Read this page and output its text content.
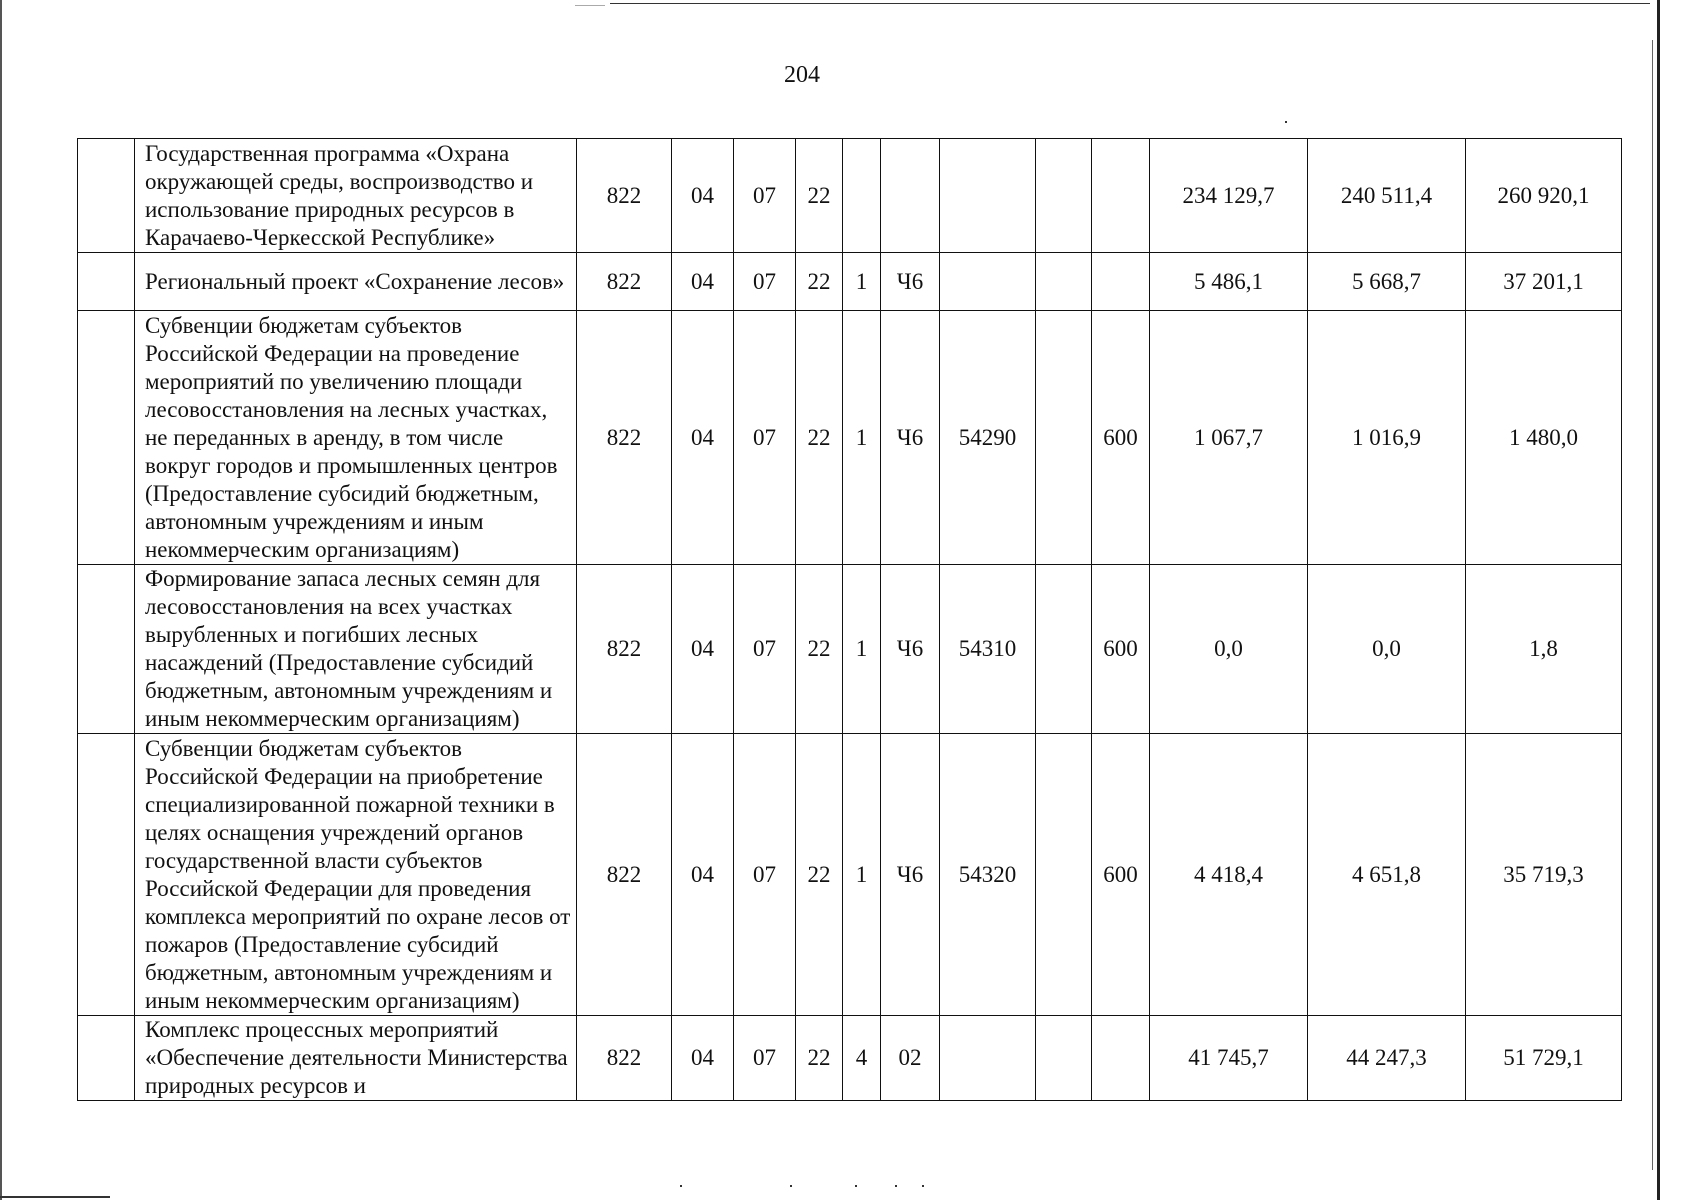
204
	Государственная программа «Охрана окружающей среды, воспроизводство и использование природных ресурсов в Карачаево-Черкесской Республике»	822	04	07	22						234 129,7	240 511,4	260 920,1
	Региональный проект «Сохранение лесов»	822	04	07	22	1	Ч6				5 486,1	5 668,7	37 201,1
	Субвенции бюджетам субъектов Российской Федерации на проведение мероприятий по увеличению площади лесовосстановления на лесных участках, не переданных в аренду, в том числе вокруг городов и промышленных центров (Предоставление субсидий бюджетным, автономным учреждениям и иным некоммерческим организациям)	822	04	07	22	1	Ч6	54290		600	1 067,7	1 016,9	1 480,0
	Формирование запаса лесных семян для лесовосстановления на всех участках вырубленных и погибших лесных насаждений (Предоставление субсидий бюджетным, автономным учреждениям и иным некоммерческим организациям)	822	04	07	22	1	Ч6	54310		600	0,0	0,0	1,8
	Субвенции бюджетам субъектов Российской Федерации на приобретение специализированной пожарной техники в целях оснащения учреждений органов государственной власти субъектов Российской Федерации для проведения комплекса мероприятий по охране лесов от пожаров (Предоставление субсидий бюджетным, автономным учреждениям и иным некоммерческим организациям)	822	04	07	22	1	Ч6	54320		600	4 418,4	4 651,8	35 719,3
	Комплекс процессных мероприятий «Обеспечение деятельности Министерства природных ресурсов и	822	04	07	22	4	02				41 745,7	44 247,3	51 729,1
